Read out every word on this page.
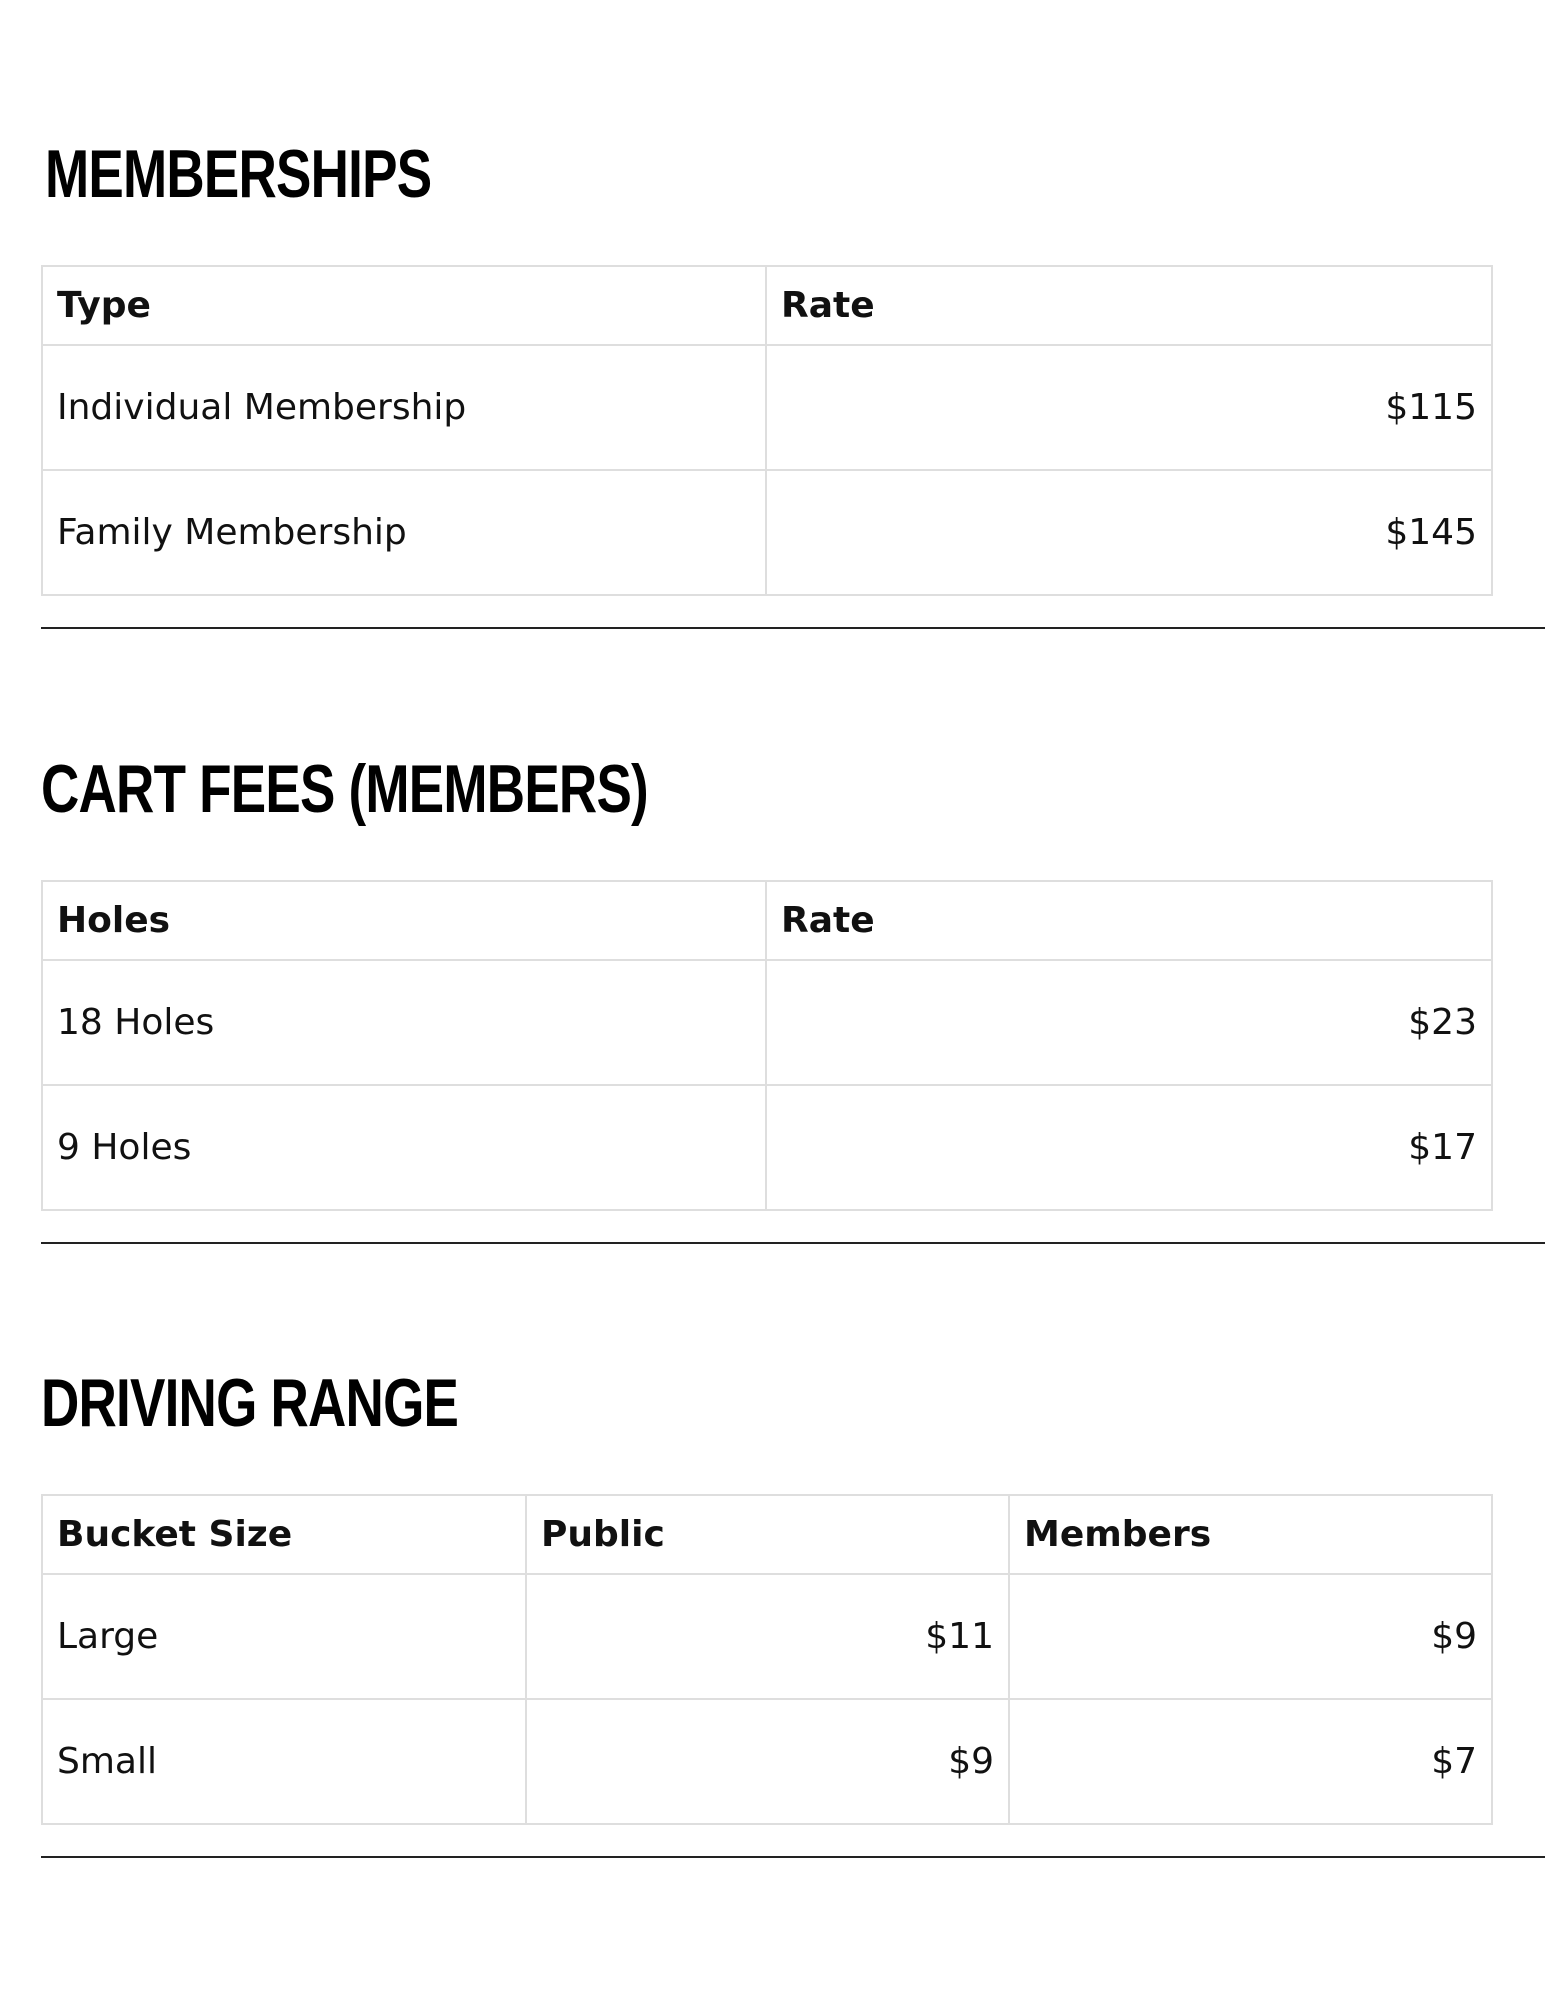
MEMBERSHIPS
Type	Rate
Individual Membership	$115
Family Membership	$145
CART FEES (MEMBERS)
Holes	Rate
18 Holes	$23
9 Holes	$17
DRIVING RANGE
Bucket Size	Public	Members
Large	$11	$9
Small	$9	$7
